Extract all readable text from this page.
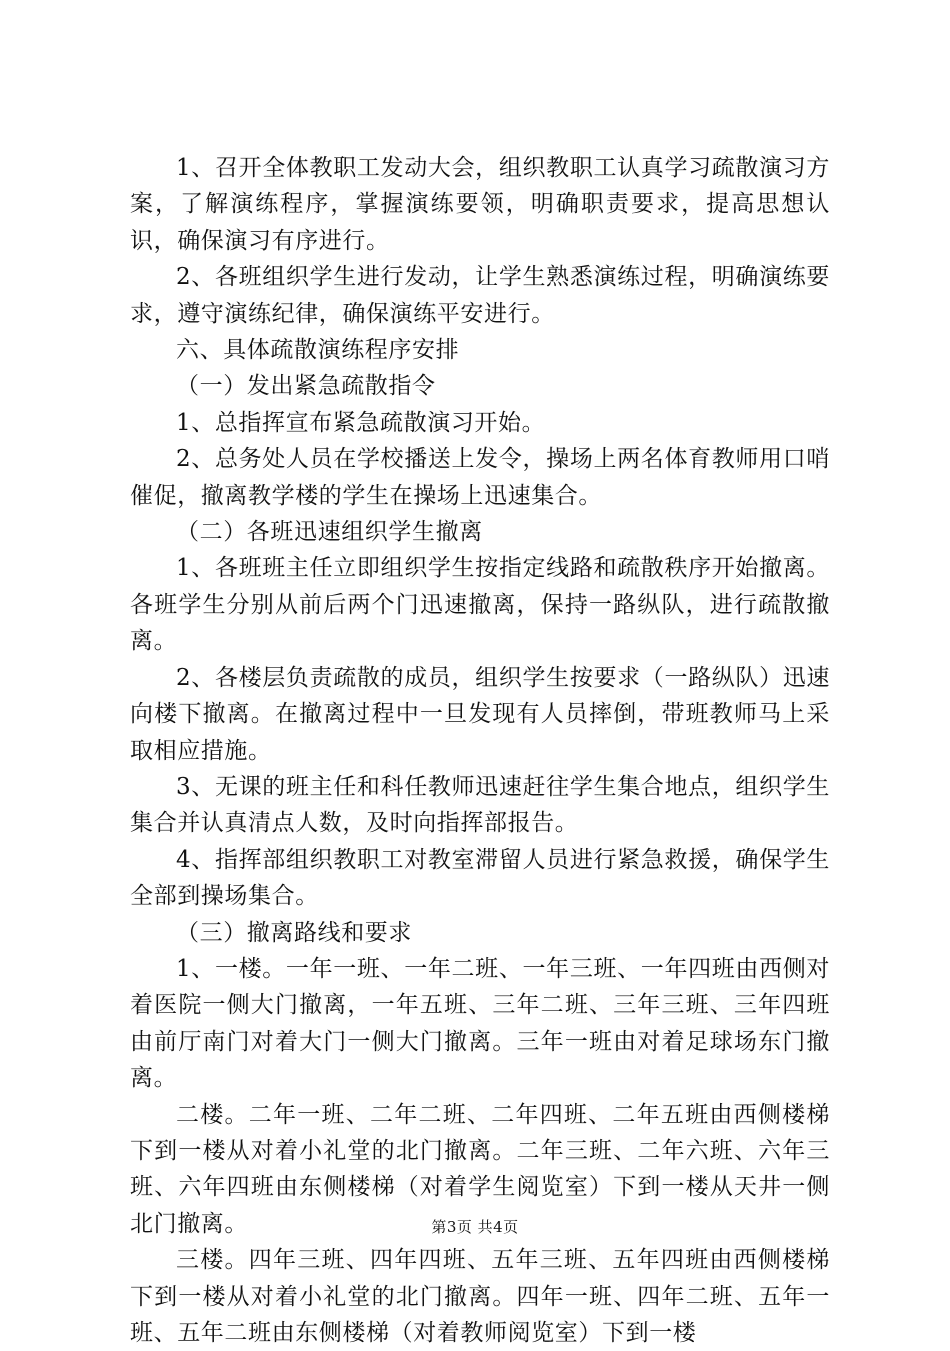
1、召开全体教职工发动大会，组织教职工认真学习疏散演习方案，了解演练程序，掌握演练要领，明确职责要求，提高思想认识，确保演习有序进行。

2、各班组织学生进行发动，让学生熟悉演练过程，明确演练要求，遵守演练纪律，确保演练平安进行。

六、具体疏散演练程序安排

（一）发出紧急疏散指令

1、总指挥宣布紧急疏散演习开始。

2、总务处人员在学校播送上发令，操场上两名体育教师用口哨催促，撤离教学楼的学生在操场上迅速集合。

（二）各班迅速组织学生撤离

1、各班班主任立即组织学生按指定线路和疏散秩序开始撤离。各班学生分别从前后两个门迅速撤离，保持一路纵队，进行疏散撤离。

2、各楼层负责疏散的成员，组织学生按要求（一路纵队）迅速向楼下撤离。在撤离过程中一旦发现有人员摔倒，带班教师马上采取相应措施。

3、无课的班主任和科任教师迅速赶往学生集合地点，组织学生集合并认真清点人数，及时向指挥部报告。

4、指挥部组织教职工对教室滞留人员进行紧急救援，确保学生全部到操场集合。

（三）撤离路线和要求

1、一楼。一年一班、一年二班、一年三班、一年四班由西侧对着医院一侧大门撤离，一年五班、三年二班、三年三班、三年四班由前厅南门对着大门一侧大门撤离。三年一班由对着足球场东门撤离。

二楼。二年一班、二年二班、二年四班、二年五班由西侧楼梯下到一楼从对着小礼堂的北门撤离。二年三班、二年六班、六年三班、六年四班由东侧楼梯（对着学生阅览室）下到一楼从天井一侧北门撤离。

三楼。四年三班、四年四班、五年三班、五年四班由西侧楼梯下到一楼从对着小礼堂的北门撤离。四年一班、四年二班、五年一班、五年二班由东侧楼梯（对着教师阅览室）下到一楼

第3页 共4页
